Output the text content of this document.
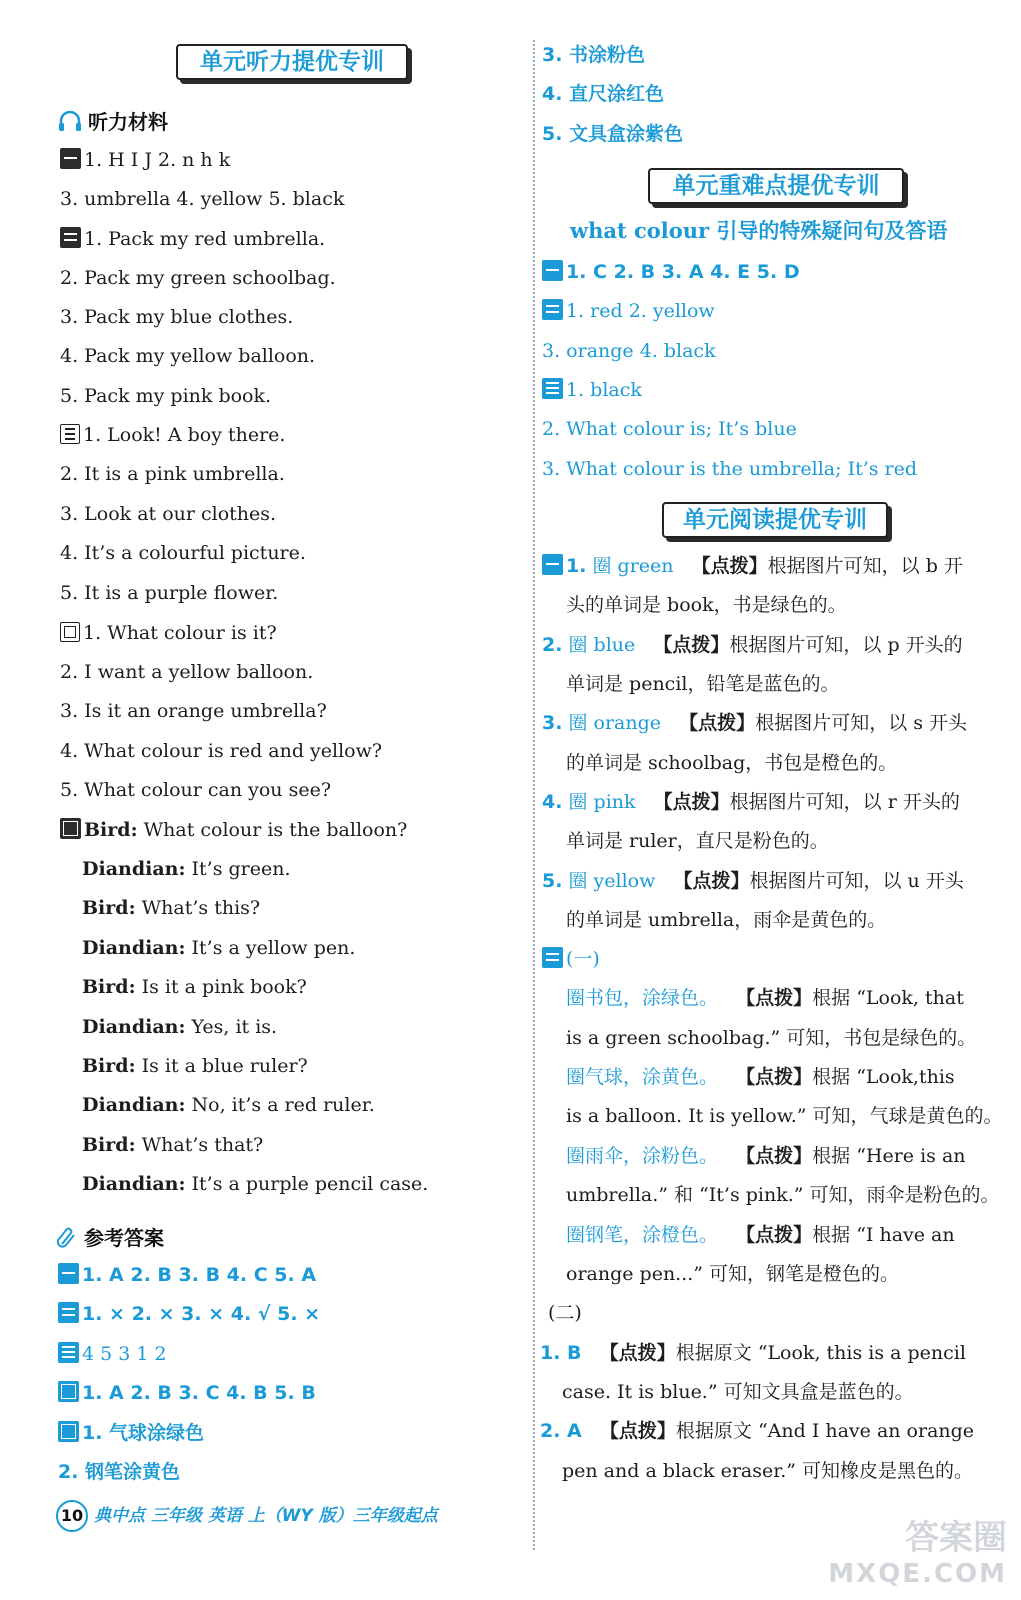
单元听力提优专训
听力材料
1. H I J 2. n h k
3. umbrella 4. yellow 5. black
1. Pack my red umbrella.
2. Pack my green schoolbag.
3. Pack my blue clothes.
4. Pack my yellow balloon.
5. Pack my pink book.
1. Look! A boy there.
2. It is a pink umbrella.
3. Look at our clothes.
4. It’s a colourful picture.
5. It is a purple flower.
1. What colour is it?
2. I want a yellow balloon.
3. Is it an orange umbrella?
4. What colour is red and yellow?
5. What colour can you see?
Bird: What colour is the balloon?
Diandian: It’s green.
Bird: What’s this?
Diandian: It’s a yellow pen.
Bird: Is it a pink book?
Diandian: Yes, it is.
Bird: Is it a blue ruler?
Diandian: No, it’s a red ruler.
Bird: What’s that?
Diandian: It’s a purple pencil case.
参考答案
1. A 2. B 3. B 4. C 5. A
1. × 2. × 3. × 4. √ 5. ×
4 5 3 1 2
1. A 2. B 3. C 4. B 5. B
1. 气球涂绿色
2. 钢笔涂黄色
3. 书涂粉色
4. 直尺涂红色
5. 文具盒涂紫色
单元重难点提优专训
what colour 引导的特殊疑问句及答语
1. C 2. B 3. A 4. E 5. D
1. red 2. yellow
3. orange 4. black
1. black
2. What colour is; It’s blue
3. What colour is the umbrella; It’s red
单元阅读提优专训
1. 圈 green 【点拨】根据图片可知，以 b 开
头的单词是 book，书是绿色的。
2. 圈 blue 【点拨】根据图片可知，以 p 开头的
单词是 pencil，铅笔是蓝色的。
3. 圈 orange 【点拨】根据图片可知，以 s 开头
的单词是 schoolbag，书包是橙色的。
4. 圈 pink 【点拨】根据图片可知，以 r 开头的
单词是 ruler，直尺是粉色的。
5. 圈 yellow 【点拨】根据图片可知，以 u 开头
的单词是 umbrella，雨伞是黄色的。
(一)
圈书包，涂绿色。 【点拨】根据 “Look, that
is a green schoolbag.” 可知，书包是绿色的。
圈气球，涂黄色。 【点拨】根据 “Look,this
is a balloon. It is yellow.” 可知，气球是黄色的。
圈雨伞，涂粉色。 【点拨】根据 “Here is an
umbrella.” 和 “It’s pink.” 可知，雨伞是粉色的。
圈钢笔，涂橙色。 【点拨】根据 “I have an
orange pen...” 可知，钢笔是橙色的。
(二)
1. B 【点拨】根据原文 “Look, this is a pencil
case. It is blue.” 可知文具盒是蓝色的。
2. A 【点拨】根据原文 “And I have an orange
pen and a black eraser.” 可知橡皮是黑色的。
10 典中点 三年级 英语 上（WY 版）三年级起点
答案圈
MXQE.COM
